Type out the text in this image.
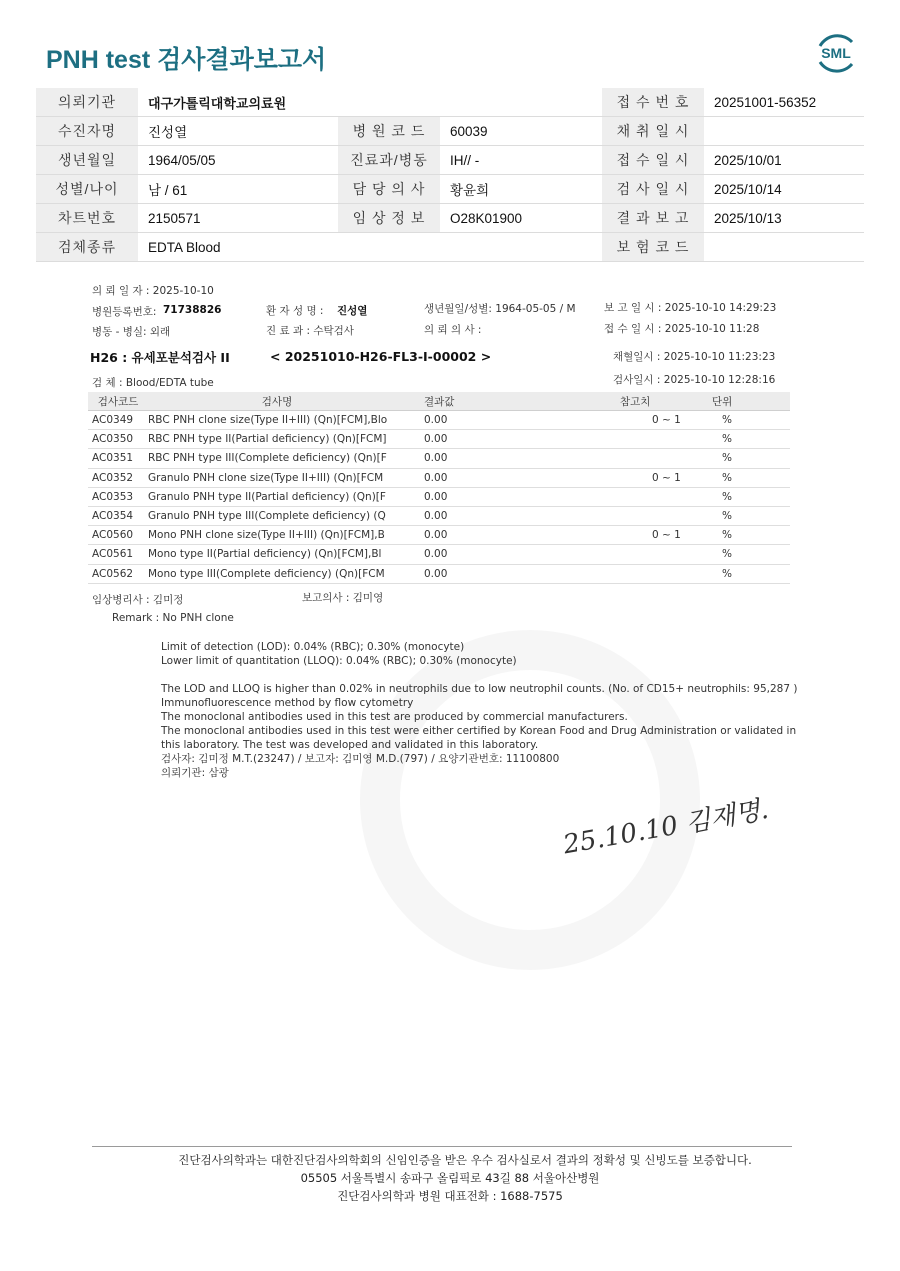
PNH test 검사결과보고서	SML
의뢰기관	대구가톨릭대학교의료원			접 수 번 호	20251001-56352
수진자명	진성열	병 원 코 드	60039	채 취 일 시	
생년월일	1964/05/05	진료과/병동	IH// -	접 수 일 시	2025/10/01
성별/나이	남 / 61	담 당 의 사	황윤희	검 사 일 시	2025/10/14
차트번호	2150571	임 상 정 보	O28K01900	결 과 보 고	2025/10/13
검체종류	EDTA Blood			보 험 코 드	
의 뢰 일 자 : 2025-10-10
병원등록번호: 71738826	환 자 성 명 : 진성열	생년월일/성별: 1964-05-05 / M	보 고 일 시 : 2025-10-10 14:29:23
병동 - 병실: 외래	진 료 과 : 수탁검사	의 뢰 의 사 :	접 수 일 시 : 2025-10-10 11:28
H26 : 유세포분석검사 II	< 20251010-H26-FL3-I-00002 >	채혈일시 : 2025-10-10 11:23:23
검 체 : Blood/EDTA tube	검사일시 : 2025-10-10 12:28:16
검사코드	검사명	결과값	참고치	단위
AC0349	RBC PNH clone size(Type II+III) (Qn)[FCM],Blo	0.00	0 ~ 1	%
AC0350	RBC PNH type II(Partial deficiency) (Qn)[FCM]	0.00		%
AC0351	RBC PNH type III(Complete deficiency) (Qn)[F	0.00		%
AC0352	Granulo PNH clone size(Type II+III) (Qn)[FCM	0.00	0 ~ 1	%
AC0353	Granulo PNH type II(Partial deficiency) (Qn)[F	0.00		%
AC0354	Granulo PNH type III(Complete deficiency) (Q	0.00		%
AC0560	Mono PNH clone size(Type II+III) (Qn)[FCM],B	0.00	0 ~ 1	%
AC0561	Mono type II(Partial deficiency) (Qn)[FCM],Bl	0.00		%
AC0562	Mono type III(Complete deficiency) (Qn)[FCM	0.00		%
임상병리사 : 김미정	보고의사 : 김미영
Remark : No PNH clone
Limit of detection (LOD): 0.04% (RBC); 0.30% (monocyte)
Lower limit of quantitation (LLOQ): 0.04% (RBC); 0.30% (monocyte)
The LOD and LLOQ is higher than 0.02% in neutrophils due to low neutrophil counts. (No. of CD15+ neutrophils: 95,287 )
Immunofluorescence method by flow cytometry
The monoclonal antibodies used in this test are produced by commercial manufacturers.
The monoclonal antibodies used in this test were either certified by Korean Food and Drug Administration or validated in
this laboratory. The test was developed and validated in this laboratory.
검사자: 김미정 M.T.(23247) / 보고자: 김미영 M.D.(797) / 요양기관번호: 11100800
의뢰기관: 삼광
25.10.10 김재명.
진단검사의학과는 대한진단검사의학회의 신임인증을 받은 우수 검사실로서 결과의 정확성 및 신빙도를 보증합니다.
05505 서울특별시 송파구 올림픽로 43길 88 서울아산병원
진단검사의학과 병원 대표전화 : 1688-7575
